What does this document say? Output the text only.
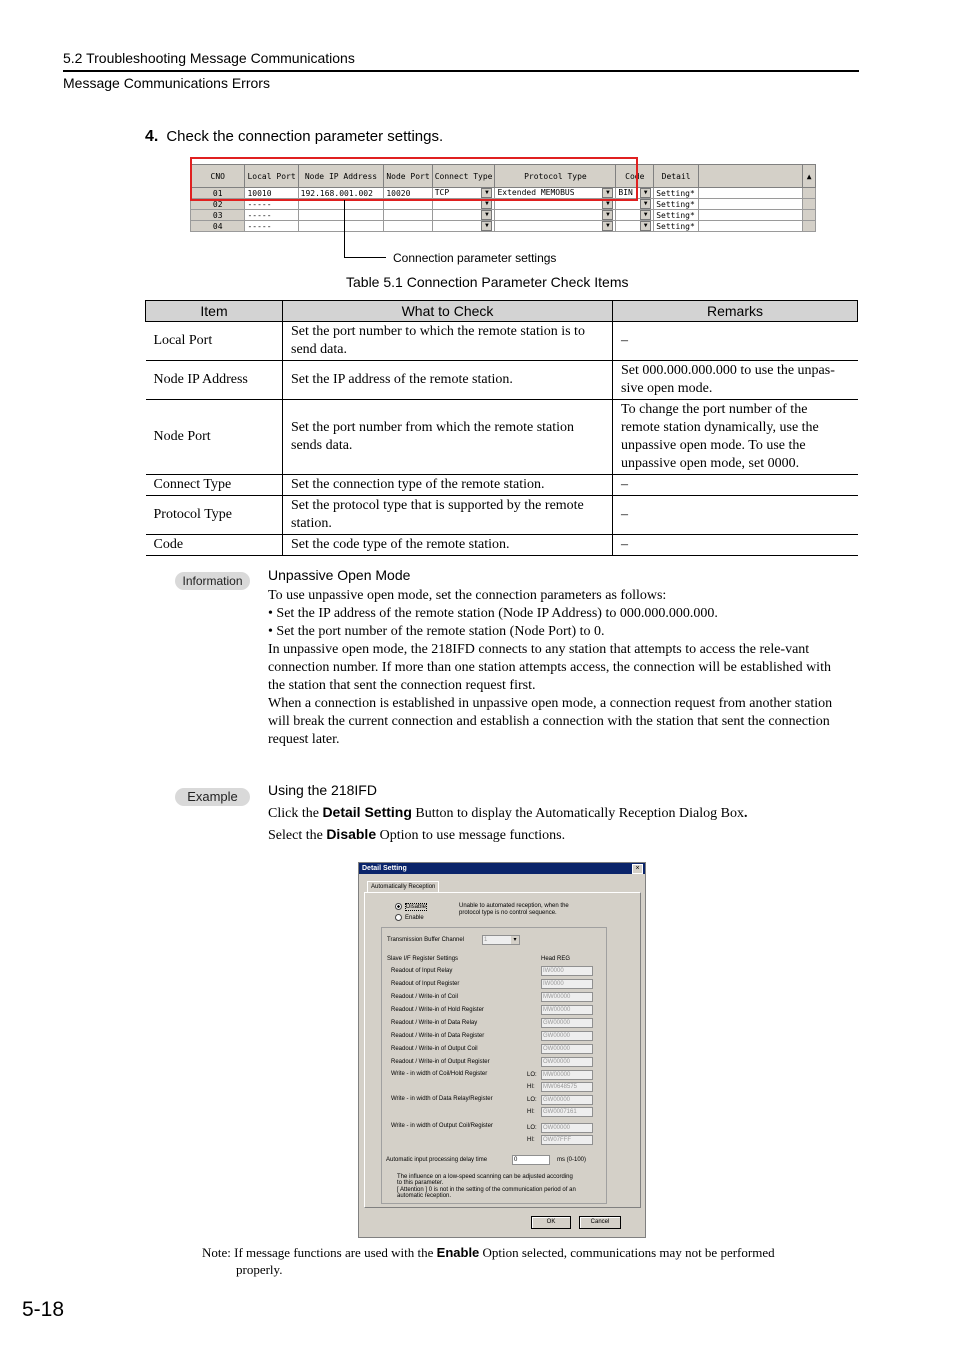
5.2 Troubleshooting Message Communications
Message Communications Errors
4. Check the connection parameter settings.
CNO	Local Port	Node IP Address	Node Port	Connect Type	Protocol Type	Code	Detail		▲
01	10010	192.168.001.002	10020	TCP ▼	Extended MEMOBUS ▼	BIN ▼	Setting*		
02	-----			▼	▼	▼	Setting*		
03	-----			▼	▼	▼	Setting*		
04	-----			▼	▼	▼	Setting*		
Connection parameter settings
Table 5.1 Connection Parameter Check Items
Item	What to Check	Remarks
Local Port	Set the port number to which the remote station is to send data.	–
Node IP Address	Set the IP address of the remote station.	Set 000.000.000.000 to use the unpas-sive open mode.
Node Port	Set the port number from which the remote station sends data.	To change the port number of the remote station dynamically, use the unpassive open mode. To use the unpassive open mode, set 0000.
Connect Type	Set the connection type of the remote station.	–
Protocol Type	Set the protocol type that is supported by the remote station.	–
Code	Set the code type of the remote station.	–
Information	Unpassive Open Mode

To use unpassive open mode, set the connection parameters as follows:

• Set the IP address of the remote station (Node IP Address) to 000.000.000.000.

• Set the port number of the remote station (Node Port) to 0.

In unpassive open mode, the 218IFD connects to any station that attempts to access the rele-vant connection number. If more than one station attempts access, the connection will be established with the station that sent the connection request first.

When a connection is established in unpassive open mode, a connection request from another station will break the current connection and establish a connection with the station that sent the connection request later.

Example	Using the 218IFD

Click the Detail Setting Button to display the Automatically Reception Dialog Box.

Select the Disable Option to use message functions.

Detail Setting	×
Automatically Reception
Disable
Enable
Unable to automated reception, when the protocol type is no control sequence.
Transmission Buffer Channel	1	▾
Slave I/F Register Settings	Head REG
Readout of Input Relay	IW0000
Readout of Input Register	IW0000
Readout / Write-in of Coil	MW00000
Readout / Write-in of Hold Register	MW00000
Readout / Write-in of Data Relay	GW00000
Readout / Write-in of Data Register	GW00000
Readout / Write-in of Output Coil	OW00000
Readout / Write-in of Output Register	OW00000
Write - in width of Coil/Hold Register	LO:	MW00000
HI:	MW0648575
Write - in width of Data Relay/Register	LO:	GW00000
HI:	GW0007161
Write - in width of Output Coil/Register	LO:	OW00000
HI:	OW07FFF
Automatic input processing delay time	0	ms (0-100)
The influence on a low-speed scanning can be adjusted according to this parameter.
[ Attention ] 0 is not in the setting of the communication period of an automatic reception.
OK	Cancel
Note: If message functions are used with the Enable Option selected, communications may not be performed
properly.
5-18
